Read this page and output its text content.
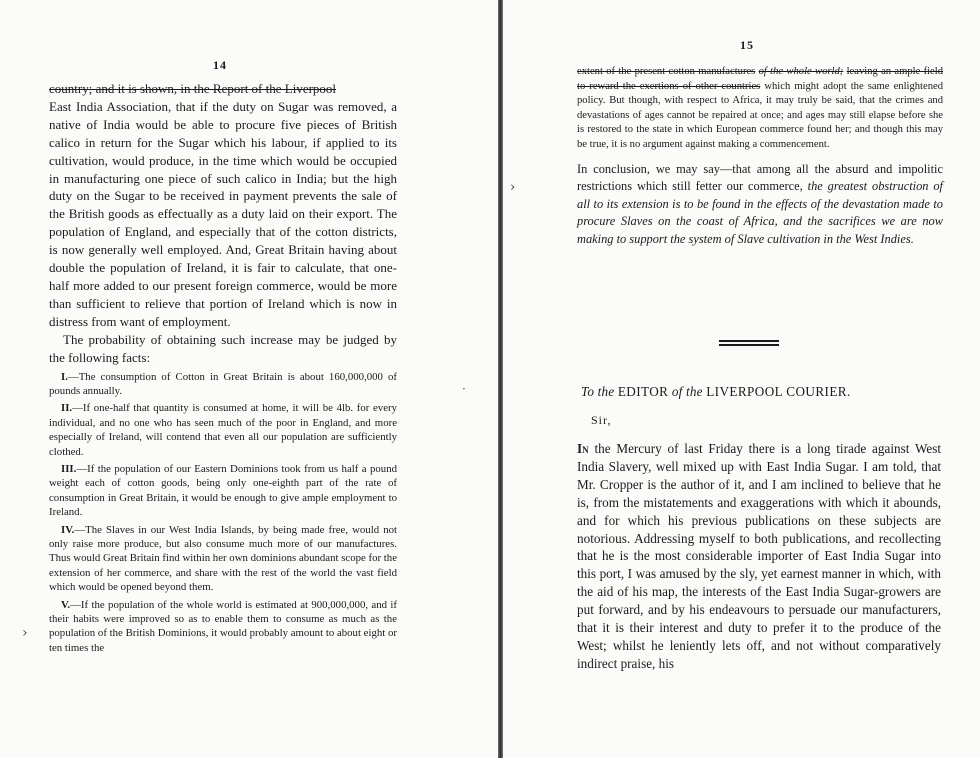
14
country; and it is shown, in the Report of the Liverpool

East India Association, that if the duty on Sugar was removed, a native of India would be able to procure five pieces of British calico in return for the Sugar which his labour, if applied to its cultivation, would produce, in the time which would be occupied in manufacturing one piece of such calico in India; but the high duty on the Sugar to be received in payment prevents the sale of the British goods as effectually as a duty laid on their export. The population of England, and especially that of the cotton districts, is now generally well employed. And, Great Britain having about double the population of Ireland, it is fair to calculate, that one-half more added to our present foreign commerce, would be more than sufficient to relieve that portion of Ireland which is now in distress from want of employment.

The probability of obtaining such increase may be judged by the following facts:

I.—The consumption of Cotton in Great Britain is about 160,000,000 of pounds annually.

II.—If one-half that quantity is consumed at home, it will be 4lb. for every individual, and no one who has seen much of the poor in England, and more especially of Ireland, will contend that even all our population are sufficiently clothed.

III.—If the population of our Eastern Dominions took from us half a pound weight each of cotton goods, being only one-eighth part of the rate of consumption in Great Britain, it would be enough to give ample employment to Ireland.

IV.—The Slaves in our West India Islands, by being made free, would not only raise more produce, but also consume much more of our manufactures. Thus would Great Britain find within her own dominions abundant scope for the extension of her commerce, and share with the rest of the world the vast field which would be opened beyond them.

V.—If the population of the whole world is estimated at 900,000,000, and if their habits were improved so as to enable them to consume as much as the population of the British Dominions, it would probably amount to about eight or ten times the

15

extent of the present cotton manufactures of the whole world; leaving an ample field to reward the exertions of other countries which might adopt the same enlightened policy. But though, with respect to Africa, it may truly be said, that the crimes and devastations of ages cannot be repaired at once; and ages may still elapse before she is restored to the state in which European commerce found her; and though this may be true, it is no argument against making a commencement.

In conclusion, we may say—that among all the absurd and impolitic restrictions which still fetter our commerce, the greatest obstruction of all to its extension is to be found in the effects of the devastation made to procure Slaves on the coast of Africa, and the sacrifices we are now making to support the system of Slave cultivation in the West Indies.

To the EDITOR of the LIVERPOOL COURIER.
Sir,

In the Mercury of last Friday there is a long tirade against West India Slavery, well mixed up with East India Sugar. I am told, that Mr. Cropper is the author of it, and I am inclined to believe that he is, from the mistatements and exaggerations with which it abounds, and for which his previous publications on these subjects are notorious. Addressing myself to both publications, and recollecting that he is the most considerable importer of East India Sugar into this port, I was amused by the sly, yet earnest manner in which, with the aid of his map, the interests of the East India Sugar-growers are put forward, and by his endeavours to persuade our manufacturers, that it is their interest and duty to prefer it to the produce of the West; whilst he leniently lets off, and not without comparatively indirect praise, his

›
›
·
